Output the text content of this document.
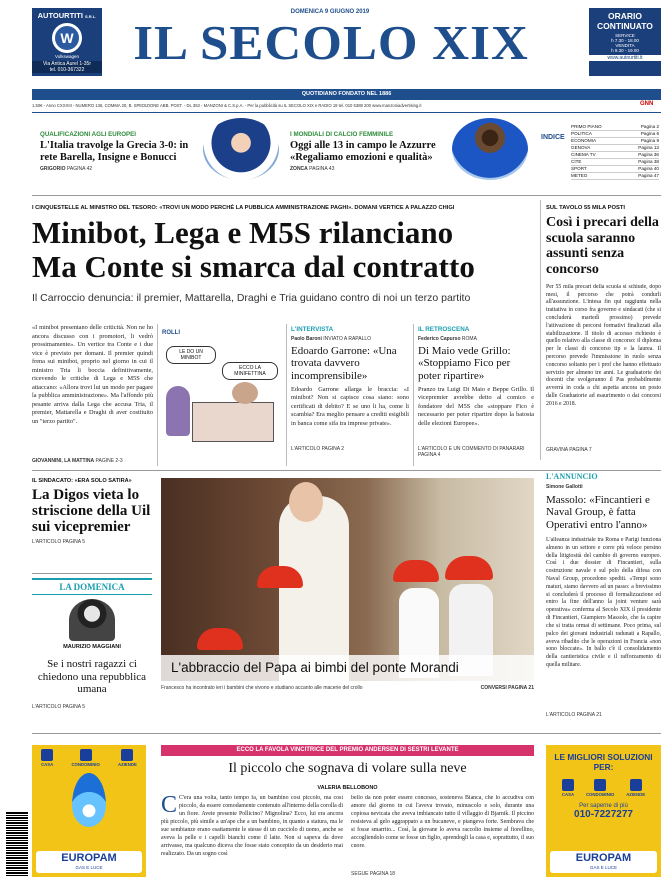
AUTOURTITI S.R.L.
W
Volkswagen
Via Antica Aurel 1-35r
tel. 010-367322
DOMENICA 9 GIUGNO 2019
IL SECOLO XIX
ORARIO
CONTINUATO
SERVICE
h 7.30 - 18.00
VENDITA
h 9.30 - 19.00
www.autourtiti.it
QUOTIDIANO FONDATO NEL 1886
1,50€ - Anno CXXXIII - NUMERO 136, COMMA 20, B. SPEDIZIONE ABB. POST. - DL 353 - MANZONI & C.S.p.A. - Per la pubblicità su IL SECOLO XIX e RADIO 19 tel. 010 5388 200 www.manzoniadvertising.it	GNN
QUALIFICAZIONI AGLI EUROPEI
L'Italia travolge la Grecia 3-0: in rete Barella, Insigne e Bonucci
GRIGORIO PAGINA 42
I MONDIALI DI CALCIO FEMMINILE
Oggi alle 13 in campo le Azzurre «Regaliamo emozioni e qualità»
ZONCA PAGINA 43
INDICE
PRIMO PIANO	Pagina 2
POLITICA	Pagina 6
ECONOMIA	Pagina 9
GENOVA	Pagina 13
CINEMA TV	Pagina 36
CITE	Pagina 38
SPORT	Pagina 40
METEO	Pagina 47
I CINQUESTELLE AL MINISTRO DEL TESORO: «TROVI UN MODO PERCHÉ LA PUBBLICA AMMINISTRAZIONE PAGHI». DOMANI VERTICE A PALAZZO CHIGI
Minibot, Lega e M5S rilanciano
Ma Conte si smarca dal contratto
Il Carroccio denuncia: il premier, Mattarella, Draghi e Tria guidano contro di noi un terzo partito
«I minibot presentano delle criticità. Non ne ho ancora discusso con i promotori, li vedrò prossimamente». Un vertice tra Conte e i due vice è previsto per domani. Il premier quindi frena sui minibot, proprio nel giorno in cui il ministro Tria li boccia definitivamente, ricevendo le critiche di Lega e M5S che attaccano: «Allora trovi lui un modo per pagare la pubblica amministrazione». Ma l'affondo più pesante arriva dalla Lega che accusa Tria, il premier, Mattarella e Draghi di aver costituito un "terzo partito".
GIOVANNINI, LA MATTINA PAGINE 2-3
ROLLI
LE DO UN MINIBOT
ECCO LA MINIFETTINA
L'INTERVISTA
Paolo Baroni INVIATO A RAPALLO
Edoardo Garrone: «Una trovata davvero incomprensibile»
Edoardo Garrone allarga le braccia: «I minibot? Non si capisce cosa siano: sono certificati di debito? E se uno li ha, come li scambia? Era meglio pensare a crediti esigibili in banca come sifa tra imprese private».
L'ARTICOLO PAGINA 2
IL RETROSCENA
Federico Capurso ROMA
Di Maio vede Grillo: «Stoppiamo Fico per poter ripartire»
Pranzo tra Luigi Di Maio e Beppe Grillo. Il vicepremier avrebbe detto al comico e fondatore del M5S che «stoppare Fico è necessario per poter ripartire dopo la batosta delle elezioni Europee».
L'ARTICOLO E UN COMMENTO DI PANARARI PAGINA 4
SUL TAVOLO 55 MILA POSTI
Così i precari della scuola saranno assunti senza concorso
Per 55 mila precari della scuola si schiude, dopo mesi, il percorso che potrà condurli all'assunzione. L'intesa fin qui raggiunta nella trattativa in corso fra governo e sindacati (che si concluderà martedì prossimo) prevede l'attivazione di percorsi formativi finalizzati alla stabilizzazione. Il titolo di accesso richiesto è quello relativo alla classe di concorso: il diploma per le classi di concorso tip e la laurea. Il percorso prevede l'immissione in ruolo senza concorso soltanto per i prof che hanno effettuato servizio per almeno tre anni. Le graduatorie dei docenti che svolgeranno il Pas probabilmente avverrà in coda a chi aspetta ancora un posto dalle Graduatorie ad esaurimento o dai concorsi 2016 e 2018.
GRAVINA PAGINA 7
IL SINDACATO: «ERA SOLO SATIRA»
La Digos vieta lo striscione della Uil sui vicepremier
L'ARTICOLO PAGINA 5
LA DOMENICA
MAURIZIO MAGGIANI
Se i nostri ragazzi ci chiedono una repubblica umana
L'ARTICOLO PAGINA 5
L'abbraccio del Papa ai bimbi del ponte Morandi
Francesco ha incontrato ieri i bambini che vivono e studiano accanto alle macerie del crollo	CONVERSI PAGINA 21
L'ANNUNCIO
Simone Gallotti
Massolo: «Fincantieri e Naval Group, è fatta Operativi entro l'anno»
L'alleanza industriale tra Roma e Parigi funziona almeno in un settore e corre più veloce persino della litigiosità del cambio di governo europeo. Così i due dossier di Fincantieri, sulla costruzione navale e sul polo della difesa con Naval Group, procedono spediti. «Tempi sono maturi, siamo davvero ad un passo: a brevissimo si concluderà il processo di formalizzazione ed entro la fine dell'anno la joint venture sarà operativa» conferma al Secolo XIX il presidente di Fincantieri, Giampiero Massolo, che fa capire che si tratta ormai di settimane. Poco prima, sul palco dei giovani industriali radunati a Rapallo, aveva ribadito che le operazioni in Francia «non sono bloccate». In ballo c'è il consolidamento della cantieristica civile e il rafforzamento di quella militare.
L'ARTICOLO PAGINA 21
CASA	CONDOMINIO	AZIENDE
EUROPAM
GAS E LUCE
ECCO LA FAVOLA VINCITRICE DEL PREMIO ANDERSEN DI SESTRI LEVANTE
Il piccolo che sognava di volare sulla neve
VALERIA BELLOBONO
C C'era una volta, tanto tempo fa, un bambino così piccolo, ma così piccolo, da essere comodamente contenuto all'interno della corolla di un fiore. Avete presente Pollicino? Mignolina? Ecco, lui era ancora più piccolo, più simile a un'ape che a un bambino, in quanto a statura, ma le sue sembianze erano esattamente le stesse di un cucciolo di uomo, anche se aveva la pelle e i capelli bianchi come il latte. Non si sapeva da dove arrivasse, ma qualcuno diceva che fosse stato concepito da un desiderio mai realizzato. Da un sogno così
bello da non poter essere concesso, sosteneva Bianca, che lo accudiva con amore dal giorno in cui l'aveva trovato, minuscolo e solo, durante una copiosa nevicata che aveva imbiancato tutto il villaggio di Bjarnik. Il piccino resisteva al gelo aggrappato a un bucaneve, e piangeva forte. Sembrava che si fosse smarrito... Così, la giovane lo aveva raccolto insieme al fiorellino, accogliendolo come se fosse un figlio, aprendogli la casa e, soprattutto, il suo cuore.
SEGUE PAGINA 18
LE MIGLIORI SOLUZIONI PER:
CASA	CONDOMINIO	AZIENDE
Per saperne di più
010-7227277
EUROPAM
GAS E LUCE
